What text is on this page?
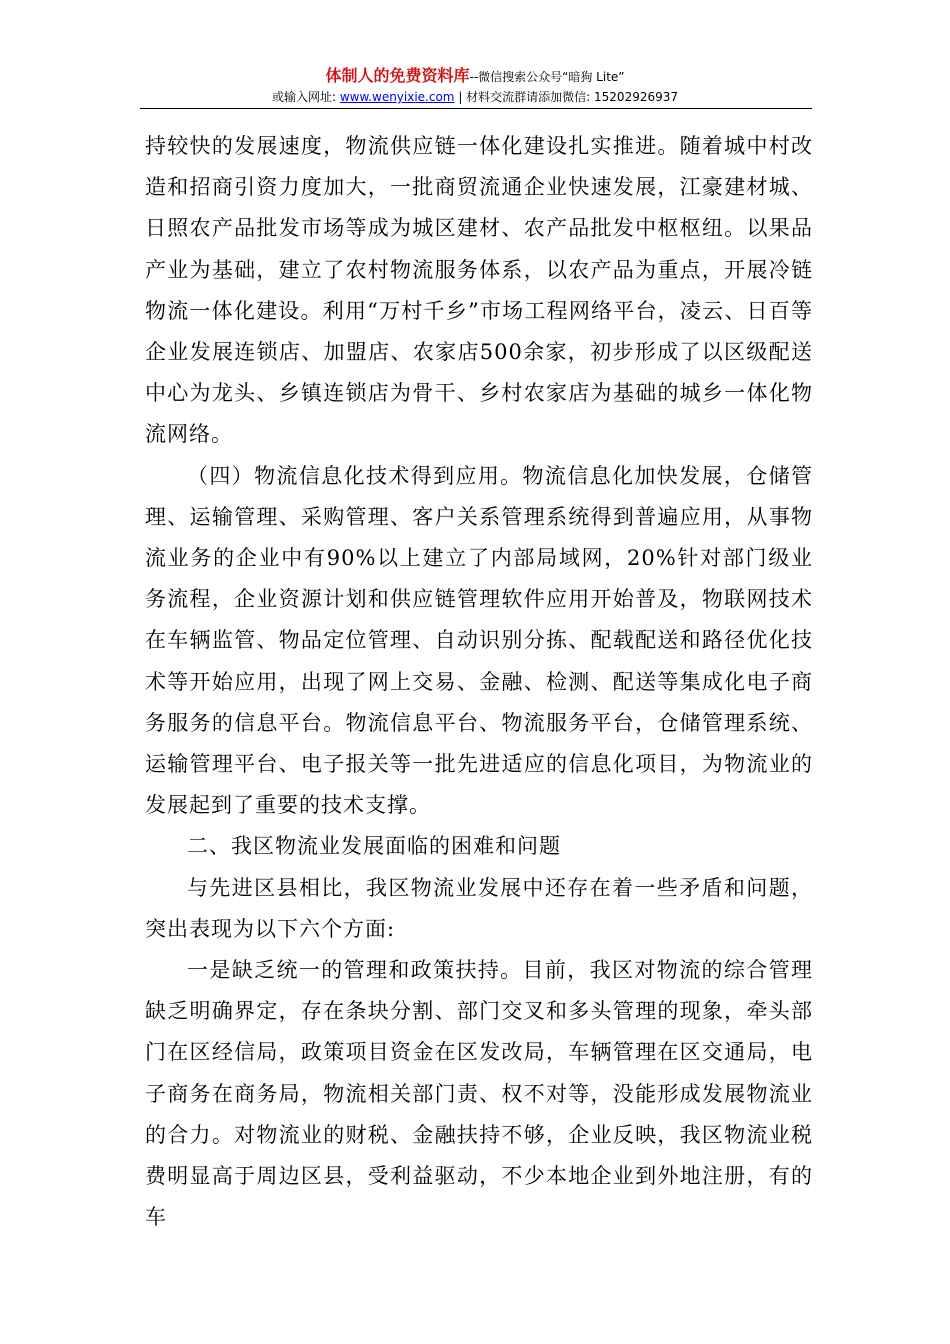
体制人的免费资料库--微信搜索公众号“暗狗 Lite”
或输入网址: www.wenyixie.com | 材料交流群请添加微信: 15202926937

持较快的发展速度，物流供应链一体化建设扎实推进。随着城中村改造和招商引资力度加大，一批商贸流通企业快速发展，江豪建材城、日照农产品批发市场等成为城区建材、农产品批发中枢枢纽。以果品产业为基础，建立了农村物流服务体系，以农产品为重点，开展冷链物流一体化建设。利用“万村千乡”市场工程网络平台，凌云、日百等企业发展连锁店、加盟店、农家店500余家，初步形成了以区级配送中心为龙头、乡镇连锁店为骨干、乡村农家店为基础的城乡一体化物流网络。

（四）物流信息化技术得到应用。物流信息化加快发展，仓储管理、运输管理、采购管理、客户关系管理系统得到普遍应用，从事物流业务的企业中有90%以上建立了内部局域网，20%针对部门级业务流程，企业资源计划和供应链管理软件应用开始普及，物联网技术在车辆监管、物品定位管理、自动识别分拣、配载配送和路径优化技术等开始应用，出现了网上交易、金融、检测、配送等集成化电子商务服务的信息平台。物流信息平台、物流服务平台，仓储管理系统、运输管理平台、电子报关等一批先进适应的信息化项目，为物流业的发展起到了重要的技术支撑。

二、我区物流业发展面临的困难和问题

与先进区县相比，我区物流业发展中还存在着一些矛盾和问题，突出表现为以下六个方面:

一是缺乏统一的管理和政策扶持。目前，我区对物流的综合管理缺乏明确界定，存在条块分割、部门交叉和多头管理的现象，牵头部门在区经信局，政策项目资金在区发改局，车辆管理在区交通局，电子商务在商务局，物流相关部门责、权不对等，没能形成发展物流业的合力。对物流业的财税、金融扶持不够，企业反映，我区物流业税费明显高于周边区县，受利益驱动，不少本地企业到外地注册，有的车
